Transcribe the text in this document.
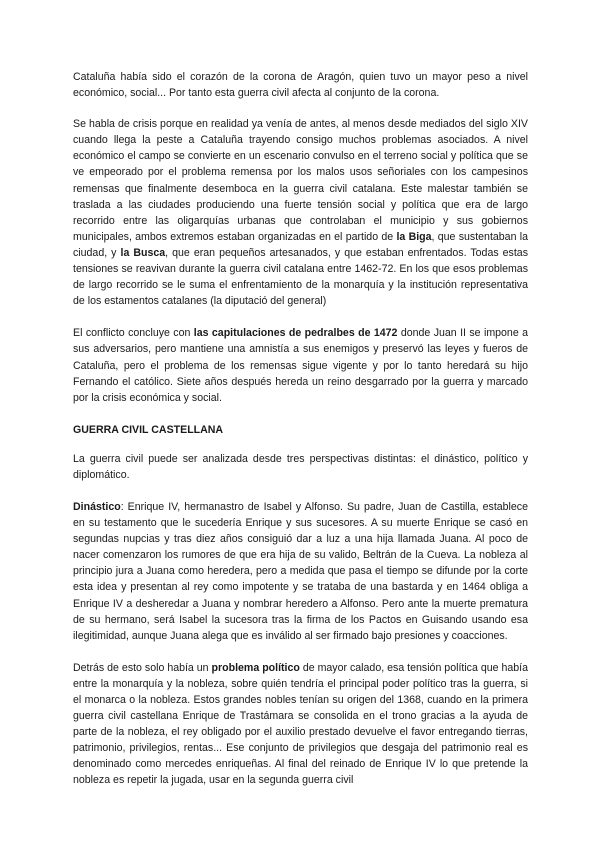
Cataluña había sido el corazón de la corona de Aragón, quien tuvo un mayor peso a nivel económico, social... Por tanto esta guerra civil afecta al conjunto de la corona.

Se habla de crisis porque en realidad ya venía de antes, al menos desde mediados del siglo XIV cuando llega la peste a Cataluña trayendo consigo muchos problemas asociados. A nivel económico el campo se convierte en un escenario convulso en el terreno social y política que se ve empeorado por el problema remensa por los malos usos señoriales con los campesinos remensas que finalmente desemboca en la guerra civil catalana. Este malestar también se traslada a las ciudades produciendo una fuerte tensión social y política que era de largo recorrido entre las oligarquías urbanas que controlaban el municipio y sus gobiernos municipales, ambos extremos estaban organizadas en el partido de la Biga, que sustentaban la ciudad, y la Busca, que eran pequeños artesanados, y que estaban enfrentados. Todas estas tensiones se reavivan durante la guerra civil catalana entre 1462-72. En los que esos problemas de largo recorrido se le suma el enfrentamiento de la monarquía y la institución representativa de los estamentos catalanes (la diputació del general)

El conflicto concluye con las capitulaciones de pedralbes de 1472 donde Juan II se impone a sus adversarios, pero mantiene una amnistía a sus enemigos y preservó las leyes y fueros de Cataluña, pero el problema de los remensas sigue vigente y por lo tanto heredará su hijo Fernando el católico. Siete años después hereda un reino desgarrado por la guerra y marcado por la crisis económica y social.

GUERRA CIVIL CASTELLANA

La guerra civil puede ser analizada desde tres perspectivas distintas: el dinástico, político y diplomático.

Dinástico: Enrique IV, hermanastro de Isabel y Alfonso. Su padre, Juan de Castilla, establece en su testamento que le sucedería Enrique y sus sucesores. A su muerte Enrique se casó en segundas nupcias y tras diez años consiguió dar a luz a una hija llamada Juana. Al poco de nacer comenzaron los rumores de que era hija de su valido, Beltrán de la Cueva. La nobleza al principio jura a Juana como heredera, pero a medida que pasa el tiempo se difunde por la corte esta idea y presentan al rey como impotente y se trataba de una bastarda y en 1464 obliga a Enrique IV a desheredar a Juana y nombrar heredero a Alfonso. Pero ante la muerte prematura de su hermano, será Isabel la sucesora tras la firma de los Pactos en Guisando usando esa ilegitimidad, aunque Juana alega que es inválido al ser firmado bajo presiones y coacciones.

Detrás de esto solo había un problema político de mayor calado, esa tensión política que había entre la monarquía y la nobleza, sobre quién tendría el principal poder político tras la guerra, si el monarca o la nobleza. Estos grandes nobles tenían su origen del 1368, cuando en la primera guerra civil castellana Enrique de Trastámara se consolida en el trono gracias a la ayuda de parte de la nobleza, el rey obligado por el auxilio prestado devuelve el favor entregando tierras, patrimonio, privilegios, rentas... Ese conjunto de privilegios que desgaja del patrimonio real es denominado como mercedes enriqueñas. Al final del reinado de Enrique IV lo que pretende la nobleza es repetir la jugada, usar en la segunda guerra civil
